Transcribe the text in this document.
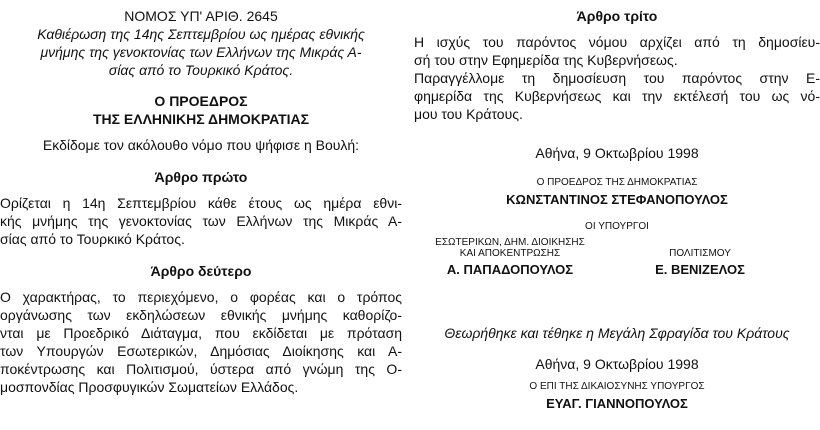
ΝΟΜΟΣ ΥΠ' ΑΡΙΘ. 2645
Καθιέρωση της 14ης Σεπτεμβρίου ως ημέρας εθνικής
μνήμης της γενοκτονίας των Ελλήνων της Μικράς Α-
σίας από το Τουρκικό Κράτος.
Ο ΠΡΟΕΔΡΟΣ
ΤΗΣ ΕΛΛΗΝΙΚΗΣ ΔΗΜΟΚΡΑΤΙΑΣ
Εκδίδομε τον ακόλουθο νόμο που ψήφισε η Βουλή:
Άρθρο πρώτο
Ορίζεται η 14η Σεπτεμβρίου κάθε έτους ως ημέρα εθνι-
κής μνήμης της γενοκτονίας των Ελλήνων της Μικράς Α-
σίας από το Τουρκικό Κράτος.
Άρθρο δεύτερο
Ο χαρακτήρας, το περιεχόμενο, ο φορέας και ο τρόπος
οργάνωσης των εκδηλώσεων εθνικής μνήμης καθορίζο-
νται με Προεδρικό Διάταγμα, που εκδίδεται με πρόταση
των Υπουργών Εσωτερικών, Δημόσιας Διοίκησης και Α-
ποκέντρωσης και Πολιτισμού, ύστερα από γνώμη της Ο-
μοσπονδίας Προσφυγικών Σωματείων Ελλάδος.
Άρθρο τρίτο
Η ισχύς του παρόντος νόμου αρχίζει από τη δημοσίευ-
σή του στην Εφημερίδα της Κυβερνήσεως.
Παραγγέλλομε τη δημοσίευση του παρόντος στην Ε-
φημερίδα της Κυβερνήσεως και την εκτέλεσή του ως νό-
μου του Κράτους.
Αθήνα, 9 Οκτωβρίου 1998
Ο ΠΡΟΕΔΡΟΣ ΤΗΣ ΔΗΜΟΚΡΑΤΙΑΣ
ΚΩΝΣΤΑΝΤΙΝΟΣ ΣΤΕΦΑΝΟΠΟΥΛΟΣ
ΟΙ ΥΠΟΥΡΓΟΙ
ΕΣΩΤΕΡΙΚΩΝ, ΔΗΜ. ΔΙΟΙΚΗΣΗΣ
ΚΑΙ ΑΠΟΚΕΝΤΡΩΣΗΣ
Α. ΠΑΠΑΔΟΠΟΥΛΟΣ
ΠΟΛΙΤΙΣΜΟΥ
Ε. ΒΕΝΙΖΕΛΟΣ
Θεωρήθηκε και τέθηκε η Μεγάλη Σφραγίδα του Κράτους
Αθήνα, 9 Οκτωβρίου 1998
Ο ΕΠΙ ΤΗΣ ΔΙΚΑΙΟΣΥΝΗΣ ΥΠΟΥΡΓΟΣ
ΕΥΑΓ. ΓΙΑΝΝΟΠΟΥΛΟΣ
